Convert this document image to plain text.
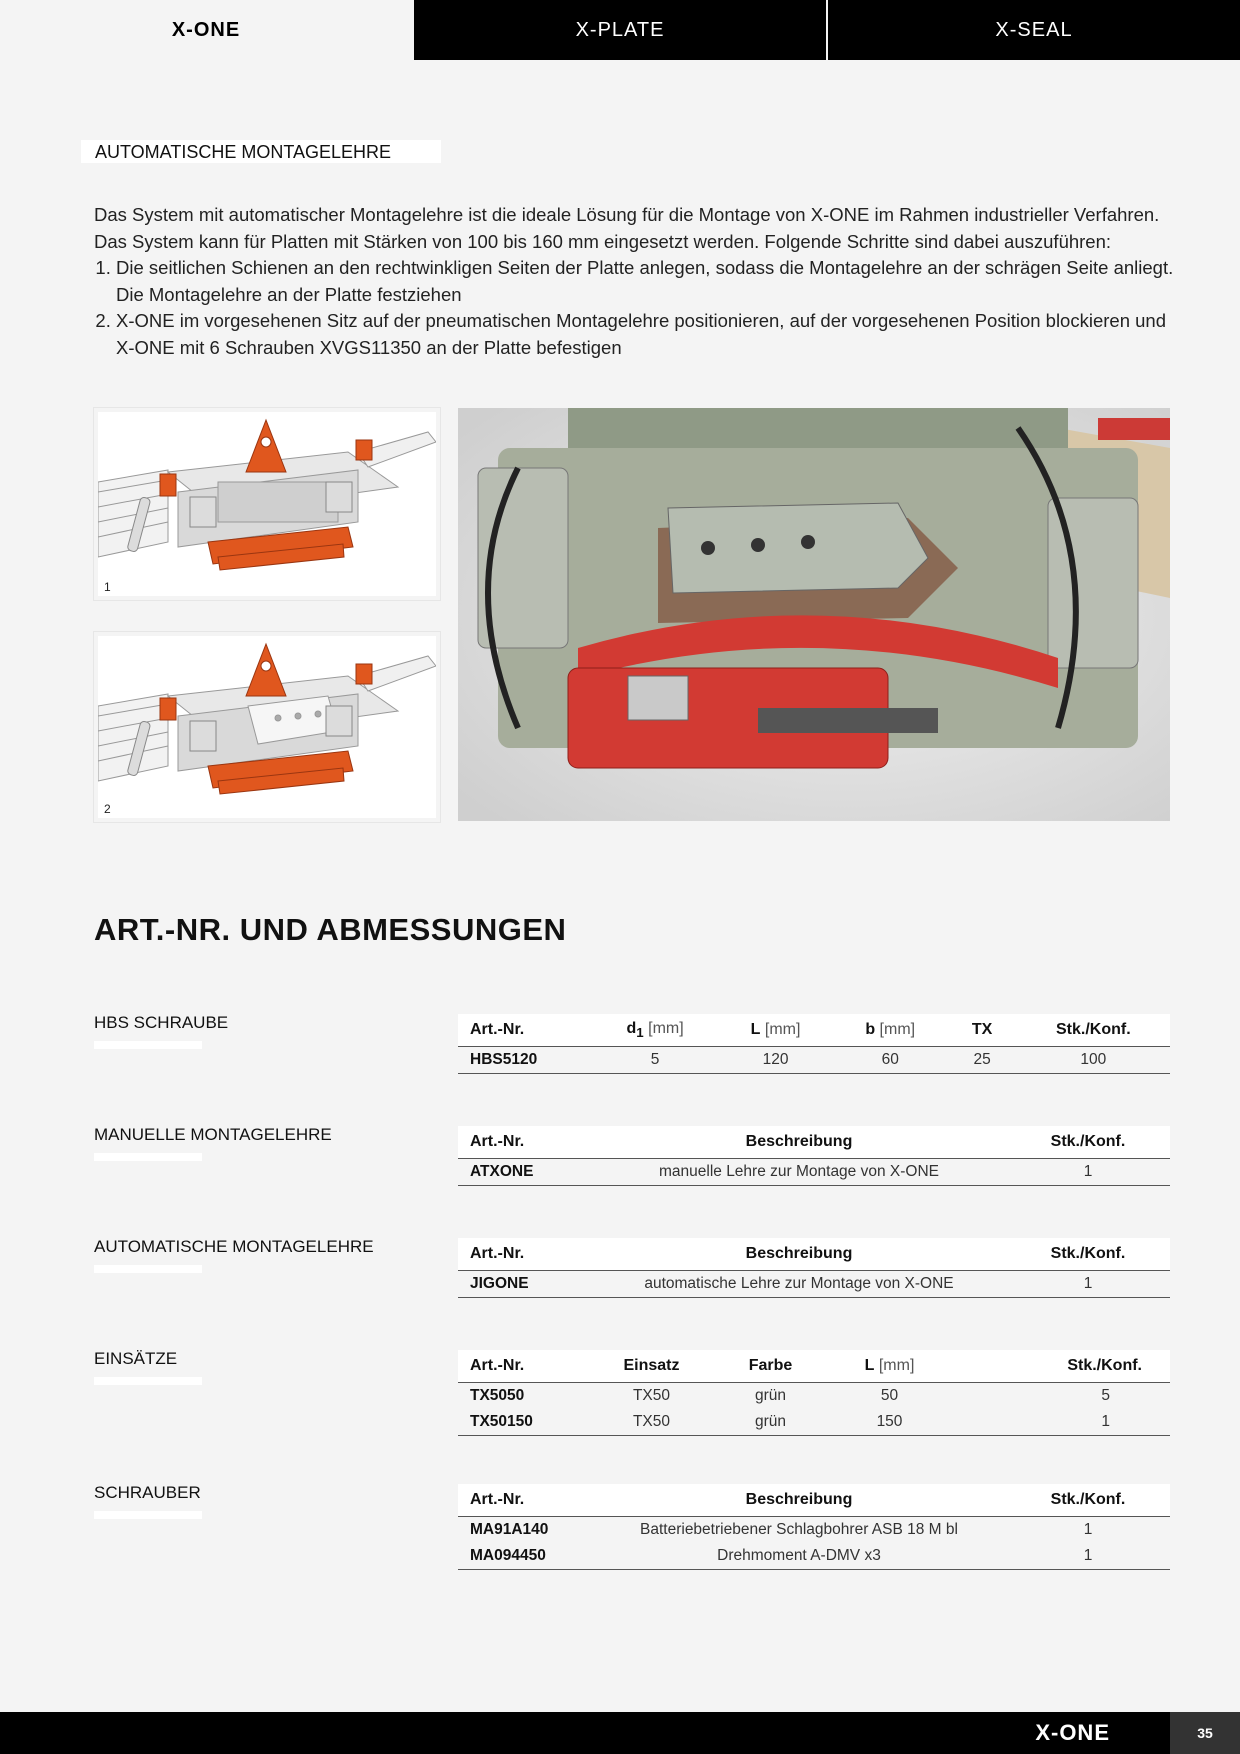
X-ONE	X-PLATE	X-SEAL
AUTOMATISCHE MONTAGELEHRE

Das System mit automatischer Montagelehre ist die ideale Lösung für die Montage von X-ONE im Rahmen industrieller Verfahren.

Das System kann für Platten mit Stärken von 100 bis 160 mm eingesetzt werden. Folgende Schritte sind dabei auszuführen:

1. Die seitlichen Schienen an den rechtwinkligen Seiten der Platte anlegen, sodass die Montagelehre an der schrägen Seite anliegt. Die Montagelehre an der Platte festziehen
2. X-ONE im vorgesehenen Sitz auf der pneumatischen Montagelehre positionieren, auf der vorgesehenen Position blockieren und X-ONE mit 6 Schrauben XVGS11350 an der Platte befestigen
1
2
ART.-NR. UND ABMESSUNGEN
HBS SCHRAUBE	Art.-Nr.	$d_1$ [mm]	L [mm]	b [mm]	TX	Stk./Konf.
HBS5120	5	120	60	25	100
MANUELLE MONTAGELEHRE	Art.-Nr.	Beschreibung	Stk./Konf.
ATXONE	manuelle Lehre zur Montage von X-ONE	1
AUTOMATISCHE MONTAGELEHRE	Art.-Nr.	Beschreibung	Stk./Konf.
JIGONE	automatische Lehre zur Montage von X-ONE	1
EINSÄTZE	Art.-Nr.	Einsatz	Farbe	L [mm]	Stk./Konf.
TX5050	TX50	grün	50	5
TX50150	TX50	grün	150	1
SCHRAUBER	Art.-Nr.	Beschreibung	Stk./Konf.
MA91A140	Batteriebetriebener Schlagbohrer ASB 18 M bl	1
MA094450	Drehmoment A-DMV x3	1
X-ONE	35
